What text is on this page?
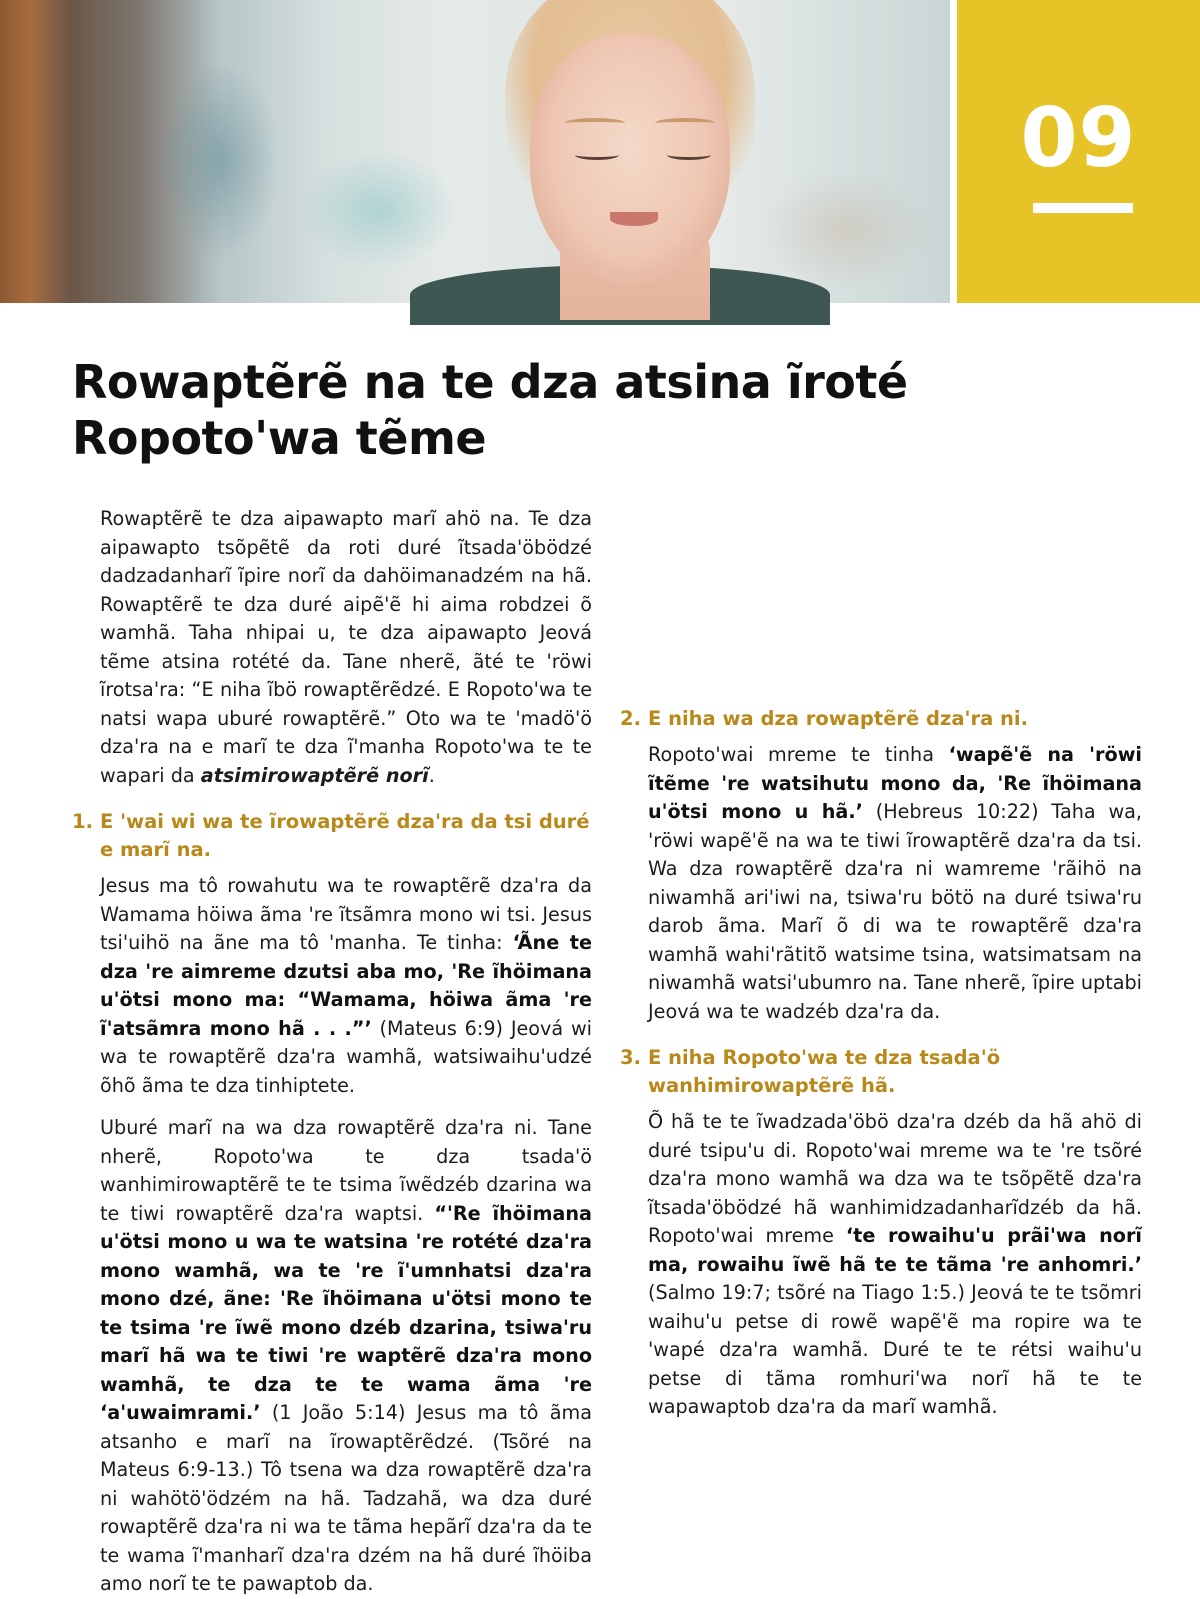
09
Rowaptẽrẽ na te dza atsina ĩroté
Ropoto'wa tẽme

Rowaptẽrẽ te dza aipawapto marĩ ahö na. Te dza aipawapto tsõpẽtẽ da roti duré ĩtsada'öbödzé dadzadanharĩ ĩpire norĩ da dahöimanadzém na hã. Rowaptẽrẽ te dza duré aipẽ'ẽ hi aima robdzei õ wamhã. Taha nhipai u, te dza aipawapto Jeová tẽme atsina rotété da. Tane nherẽ, ãté te 'röwi ĩrotsa'ra: “E niha ĩbö rowaptẽrẽdzé. E Ropoto'wa te natsi wapa uburé rowaptẽrẽ.” Oto wa te 'madö'ö dza'ra na e marĩ te dza ĩ'manha Ropoto'wa te te wapari da atsimirowaptẽrẽ norĩ.

1. E 'wai wi wa te ĩrowaptẽrẽ dza'ra da tsi duré e marĩ na.

Jesus ma tô rowahutu wa te rowaptẽrẽ dza'ra da Wamama höiwa ãma 're ĩtsãmra mono wi tsi. Jesus tsi'uihö na ãne ma tô 'manha. Te tinha: ‘Ãne te dza 're aimreme dzutsi aba mo, 'Re ĩhöimana u'ötsi mono ma: “Wamama, höiwa ãma 're ĩ'atsãmra mono hã . . .”’ (Mateus 6:9) Jeová wi wa te rowaptẽrẽ dza'ra wamhã, watsiwaihu'udzé õhõ ãma te dza tinhiptete.

Uburé marĩ na wa dza rowaptẽrẽ dza'ra ni. Tane nherẽ, Ropoto'wa te dza tsada'ö wanhimirowaptẽrẽ te te tsima ĩwẽdzéb dzarina wa te tiwi rowaptẽrẽ dza'ra waptsi. “'Re ĩhöimana u'ötsi mono u wa te watsina 're rotété dza'ra mono wamhã, wa te 're ĩ'umnhatsi dza'ra mono dzé, ãne: 'Re ĩhöimana u'ötsi mono te te tsima 're ĩwẽ mono dzéb dzarina, tsiwa'ru marĩ hã wa te tiwi 're waptẽrẽ dza'ra mono wamhã, te dza te te wama ãma 're ‘a'uwaimrami.’ (1 João 5:14) Jesus ma tô ãma atsanho e marĩ na ĩrowaptẽrẽdzé. (Tsõré na Mateus 6:9-13.) Tô tsena wa dza rowaptẽrẽ dza'ra ni wahötö'ödzém na hã. Tadzahã, wa dza duré rowaptẽrẽ dza'ra ni wa te tãma hepãrĩ dza'ra da te te wama ĩ'manharĩ dza'ra dzém na hã duré ĩhöiba amo norĩ te te pawaptob da.

2. E niha wa dza rowaptẽrẽ dza'ra ni.

Ropoto'wai mreme te tinha ‘wapẽ'ẽ na 'röwi ĩtẽme 're watsihutu mono da, 'Re ĩhöimana u'ötsi mono u hã.’ (Hebreus 10:22) Taha wa, 'röwi wapẽ'ẽ na wa te tiwi ĩrowaptẽrẽ dza'ra da tsi. Wa dza rowaptẽrẽ dza'ra ni wamreme 'rãihö na niwamhã ari'iwi na, tsiwa'ru bötö na duré tsiwa'ru darob ãma. Marĩ õ di wa te rowaptẽrẽ dza'ra wamhã wahi'rãtitõ watsime tsina, watsimatsam na niwamhã watsi'ubumro na. Tane nherẽ, ĩpire uptabi Jeová wa te wadzéb dza'ra da.

3. E niha Ropoto'wa te dza tsada'ö wanhimirowaptẽrẽ hã.

Õ hã te te ĩwadzada'öbö dza'ra dzéb da hã ahö di duré tsipu'u di. Ropoto'wai mreme wa te 're tsõré dza'ra mono wamhã wa dza wa te tsõpẽtẽ dza'ra ĩtsada'öbödzé hã wanhimidzadanharĩdzéb da hã. Ropoto'wai mreme ‘te rowaihu'u prãi'wa norĩ ma, rowaihu ĩwẽ hã te te tãma 're anhomri.’ (Salmo 19:7; tsõré na Tiago 1:5.) Jeová te te tsõmri waihu'u petse di rowẽ wapẽ'ẽ ma ropire wa te 'wapé dza'ra wamhã. Duré te te rétsi waihu'u petse di tãma romhuri'wa norĩ hã te te wapawaptob dza'ra da marĩ wamhã.
